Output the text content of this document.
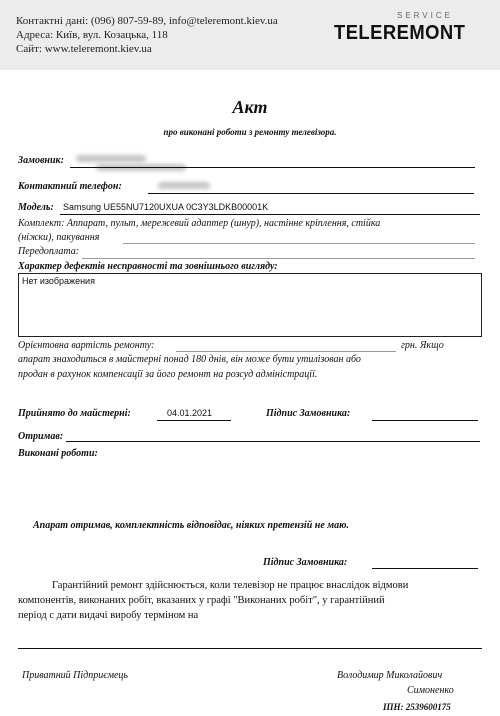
Контактні дані: (096) 807-59-89, info@teleremont.kiev.ua
Адреса: Київ, вул. Козацька, 118
Сайт: www.teleremont.kiev.ua
SERVICE
TELEREMONT
Акт
про виконані роботи з ремонту телевізора.
Замовник:
Контактний телефон:
Модель: Samsung UE55NU7120UXUA 0C3Y3LDKB00001K
Комплект: Аппарат, пульт, мережевий адаптер (шнур), настінне кріплення, стійка
(ніжки), пакування
Передоплата:
Характер дефектів несправності та зовнішнього вигляду:
Нет изображения
Орієнтовна вартість ремонту:	грн. Якщо
апарат знаходиться в майстерні понад 180 днів, він може бути утилізован або
продан в рахунок компенсації за його ремонт на розсуд адміністрації.
Прийнято до майстерні:	04.01.2021	Підпис Замовника:
Отримав:
Виконані роботи:
Апарат отримав, комплектність відповідає, ніяких претензій не маю.
Підпис Замовника:
Гарантійний ремонт здійснюється, коли телевізор не працює внаслідок відмови
компонентів, виконаних робіт, вказаних у графі "Виконаних робіт", у гарантійний
період с дати видачі виробу терміном на
Приватний Підприємець	Володимир Миколайович
Симоненко
ІПН: 2539600175
